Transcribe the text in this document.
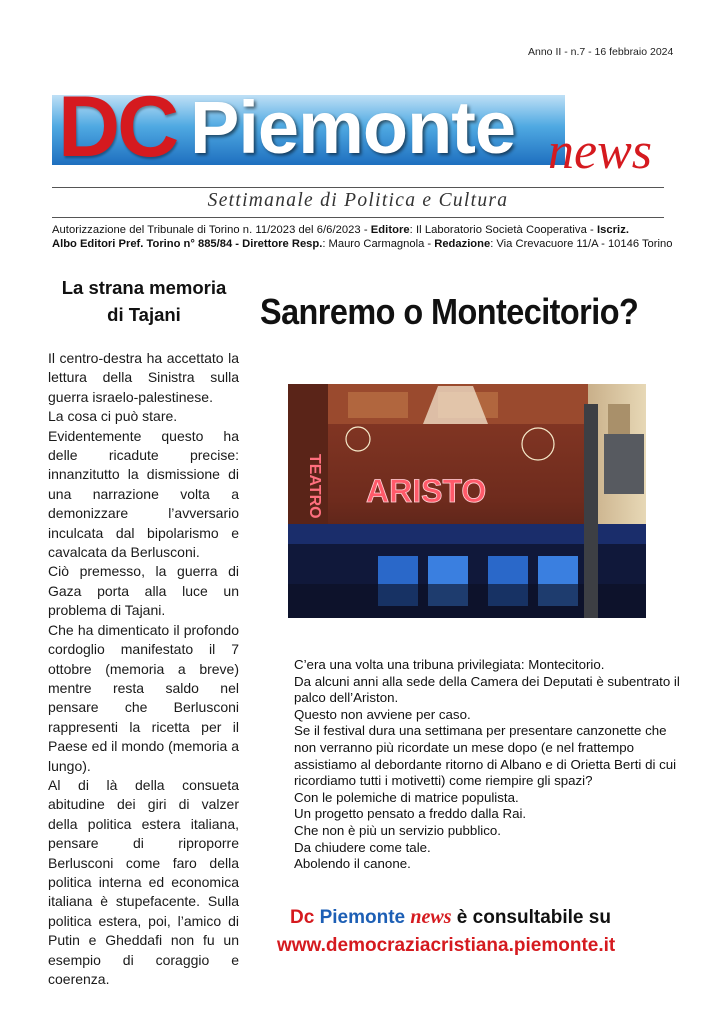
Anno II - n.7 - 16 febbraio 2024
DC Piemonte news
Settimanale di Politica e Cultura
Autorizzazione del Tribunale di Torino n. 11/2023 del 6/6/2023 - Editore: Il Laboratorio Società Cooperativa - Iscriz.
Albo Editori Pref. Torino n° 885/84 - Direttore Resp.: Mauro Carmagnola - Redazione: Via Crevacuore 11/A - 10146 Torino
La strana memoria
di Tajani

Il centro-destra ha accettato la lettura della Sinistra sulla guerra israelo-palestinese.

La cosa ci può stare.

Evidentemente questo ha delle ricadute precise: innanzitutto la dismissione di una narrazione volta a demonizzare l’avversario inculcata dal bipolarismo e cavalcata da Berlusconi.

Ciò premesso, la guerra di Gaza porta alla luce un problema di Tajani.

Che ha dimenticato il profondo cordoglio manifestato il 7 ottobre (memoria a breve) mentre resta saldo nel pensare che Berlusconi rappresenti la ricetta per il Paese ed il mondo (memoria a lungo).

Al di là della consueta abitudine dei giri di valzer della politica estera italiana, pensare di riproporre Berlusconi come faro della politica interna ed economica italiana è stupefacente. Sulla politica estera, poi, l’amico di Putin e Gheddafi non fu un esempio di coraggio e coerenza.

Sanremo o Montecitorio?
ARISTO
TEATRO

C’era una volta una tribuna privilegiata: Montecitorio.

Da alcuni anni alla sede della Camera dei Deputati è subentrato il palco dell’Ariston.

Questo non avviene per caso.

Se il festival dura una settimana per presentare canzonette che non verranno più ricordate un mese dopo (e nel frattempo assistiamo al debordante ritorno di Albano e di Orietta Berti di cui ricordiamo tutti i motivetti) come riempire gli spazi?

Con le polemiche di matrice populista.

Un progetto pensato a freddo dalla Rai.

Che non è più un servizio pubblico.

Da chiudere come tale.

Abolendo il canone.

Dc Piemonte news è consultabile su
www.democraziacristiana.piemonte.it
